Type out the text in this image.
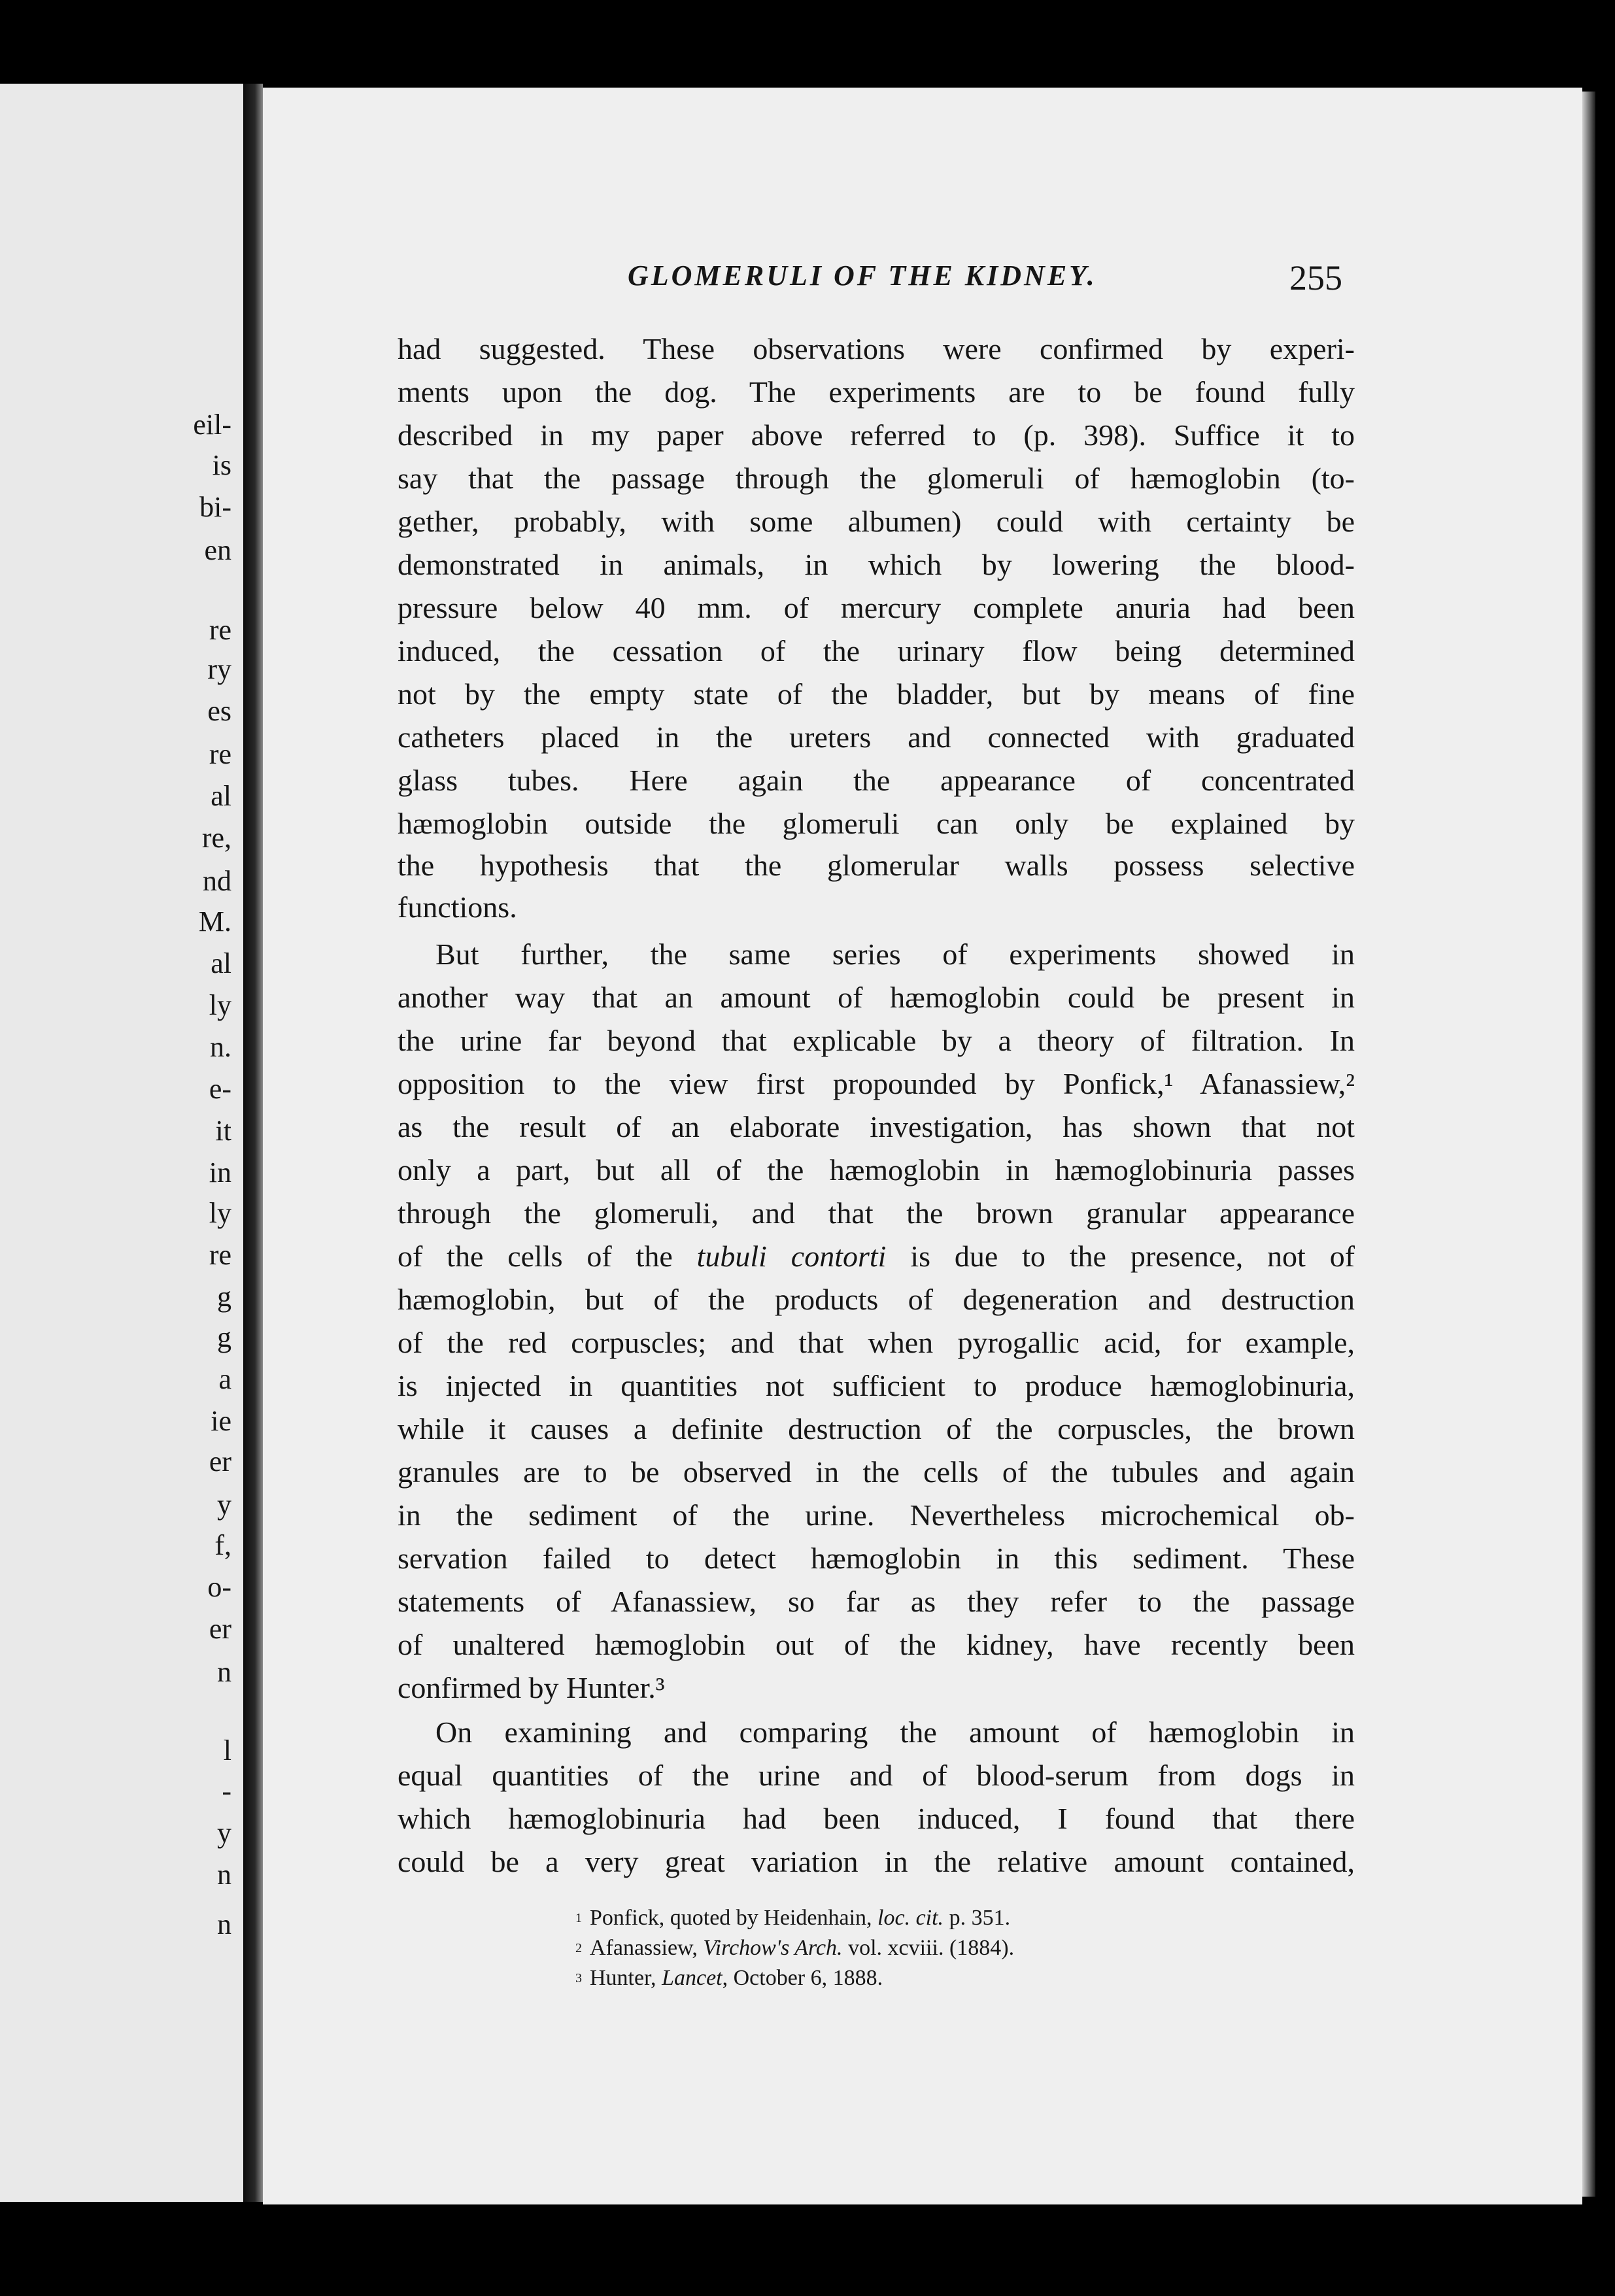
eil-
is
bi-
en
re
ry
es
re
al
re,
nd
M.
al
ly
n.
e-
it
in
ly
re
g
g
a
ie
er
y
f,
o-
er
n
l
-
y
n
n
GLOMERULI OF THE KIDNEY.	255
had suggested. These observations were confirmed by experi-
ments upon the dog. The experiments are to be found fully
described in my paper above referred to (p. 398). Suffice it to
say that the passage through the glomeruli of hæmoglobin (to-
gether, probably, with some albumen) could with certainty be
demonstrated in animals, in which by lowering the blood-
pressure below 40 mm. of mercury complete anuria had been
induced, the cessation of the urinary flow being determined
not by the empty state of the bladder, but by means of fine
catheters placed in the ureters and connected with graduated
glass tubes. Here again the appearance of concentrated
hæmoglobin outside the glomeruli can only be explained by
the hypothesis that the glomerular walls possess selective
functions.
But further, the same series of experiments showed in
another way that an amount of hæmoglobin could be present in
the urine far beyond that explicable by a theory of filtration. In
opposition to the view first propounded by Ponfick,¹ Afanassiew,²
as the result of an elaborate investigation, has shown that not
only a part, but all of the hæmoglobin in hæmoglobinuria passes
through the glomeruli, and that the brown granular appearance
of the cells of the tubuli contorti is due to the presence, not of
hæmoglobin, but of the products of degeneration and destruction
of the red corpuscles; and that when pyrogallic acid, for example,
is injected in quantities not sufficient to produce hæmoglobinuria,
while it causes a definite destruction of the corpuscles, the brown
granules are to be observed in the cells of the tubules and again
in the sediment of the urine. Nevertheless microchemical ob-
servation failed to detect hæmoglobin in this sediment. These
statements of Afanassiew, so far as they refer to the passage
of unaltered hæmoglobin out of the kidney, have recently been
confirmed by Hunter.³
On examining and comparing the amount of hæmoglobin in
equal quantities of the urine and of blood-serum from dogs in
which hæmoglobinuria had been induced, I found that there
could be a very great variation in the relative amount contained,
$^1$ Ponfick, quoted by Heidenhain, loc. cit. p. 351.
$^2$ Afanassiew, Virchow's Arch. vol. xcviii. (1884).
$^3$ Hunter, Lancet, October 6, 1888.
